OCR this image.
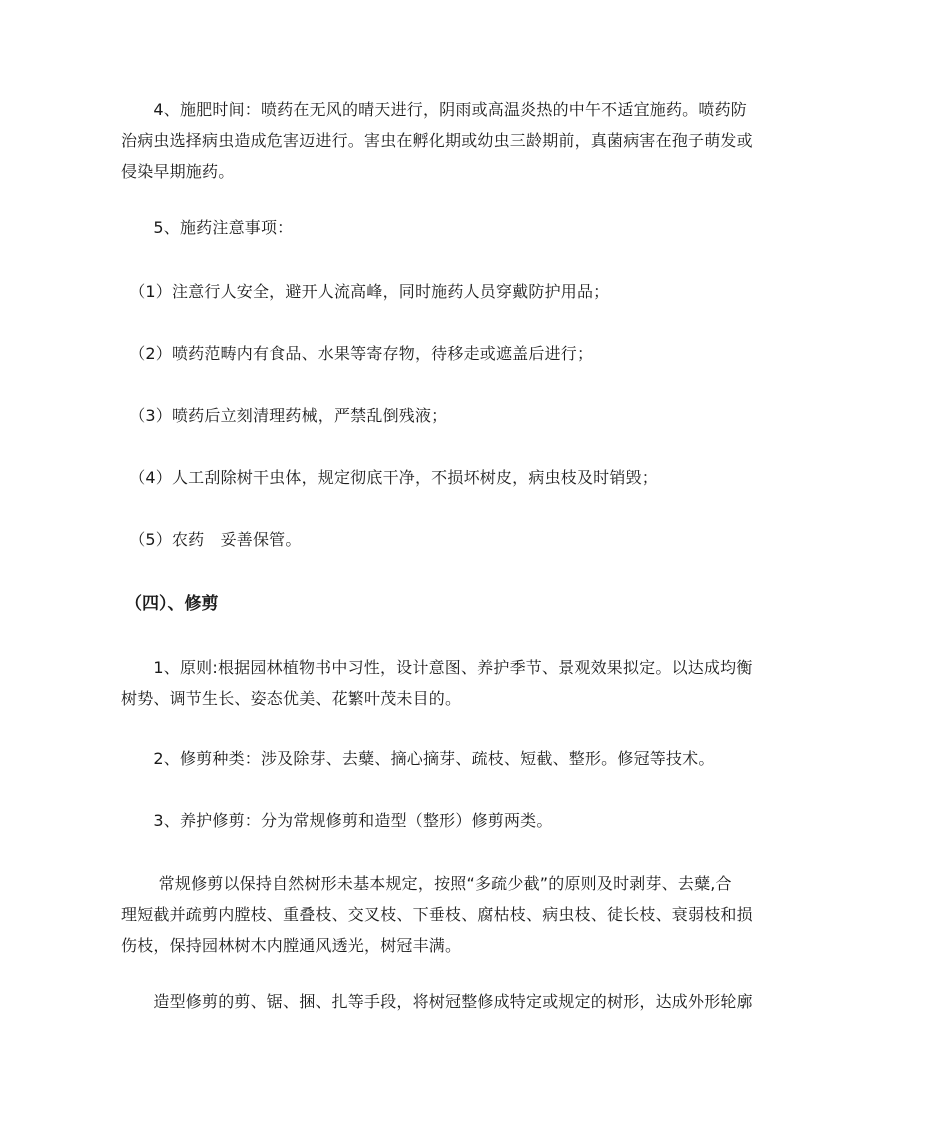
　　4、施肥时间：喷药在无风的晴天进行，阴雨或高温炎热的中午不适宜施药。喷药防
治病虫选择病虫造成危害迈进行。害虫在孵化期或幼虫三龄期前，真菌病害在孢子萌发或
侵染早期施药。

　　5、施药注意事项：

　（1）注意行人安全，避开人流高峰，同时施药人员穿戴防护用品；

　（2）喷药范畴内有食品、水果等寄存物，待移走或遮盖后进行；

　（3）喷药后立刻清理药械，严禁乱倒残液；

　（4）人工刮除树干虫体，规定彻底干净，不损坏树皮，病虫枝及时销毁；

　（5）农药　妥善保管。

（四）、修剪

　　1、原则:根据园林植物书中习性，设计意图、养护季节、景观效果拟定。以达成均衡
树势、调节生长、姿态优美、花繁叶茂未目的。

　　2、修剪种类：涉及除芽、去糵、摘心摘芽、疏枝、短截、整形。修冠等技术。

　　3、养护修剪：分为常规修剪和造型（整形）修剪两类。

　　 常规修剪以保持自然树形未基本规定，按照“多疏少截”的原则及时剥芽、去糵,合
理短截并疏剪内膛枝、重叠枝、交叉枝、下垂枝、腐枯枝、病虫枝、徒长枝、衰弱枝和损
伤枝，保持园林树木内膛通风透光，树冠丰满。

　　造型修剪的剪、锯、捆、扎等手段，将树冠整修成特定或规定的树形，达成外形轮廓
